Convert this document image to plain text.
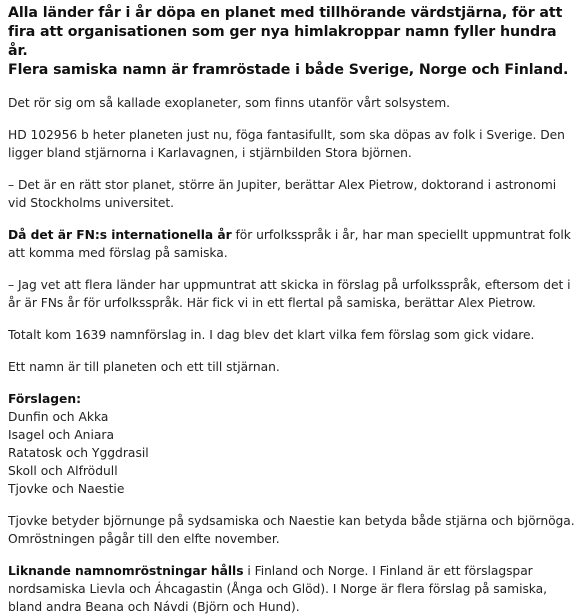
Alla länder får i år döpa en planet med tillhörande värdstjärna, för att fira att organisationen som ger nya himlakroppar namn fyller hundra år.
Flera samiska namn är framröstade i både Sverige, Norge och Finland.

Det rör sig om så kallade exoplaneter, som finns utanför vårt solsystem.

HD 102956 b heter planeten just nu, föga fantasifullt, som ska döpas av folk i Sverige. Den ligger bland stjärnorna i Karlavagnen, i stjärnbilden Stora björnen.

– Det är en rätt stor planet, större än Jupiter, berättar Alex Pietrow, doktorand i astronomi vid Stockholms universitet.

Då det är FN:s internationella år för urfolksspråk i år, har man speciellt uppmuntrat folk att komma med förslag på samiska.

– Jag vet att flera länder har uppmuntrat att skicka in förslag på urfolksspråk, eftersom det i år är FNs år för urfolksspråk. Här fick vi in ett flertal på samiska, berättar Alex Pietrow.

Totalt kom 1639 namnförslag in. I dag blev det klart vilka fem förslag som gick vidare.

Ett namn är till planeten och ett till stjärnan.

Förslagen:
Dunfin och Akka
Isagel och Aniara
Ratatosk och Yggdrasil
Skoll och Alfrödull
Tjovke och Naestie

Tjovke betyder björnunge på sydsamiska och Naestie kan betyda både stjärna och björnöga. Omröstningen pågår till den elfte november.

Liknande namnomröstningar hålls i Finland och Norge. I Finland är ett förslagspar nordsamiska Lievla och Áhcagastin (Ånga och Glöd). I Norge är flera förslag på samiska, bland andra Beana och Návdi (Björn och Hund).
